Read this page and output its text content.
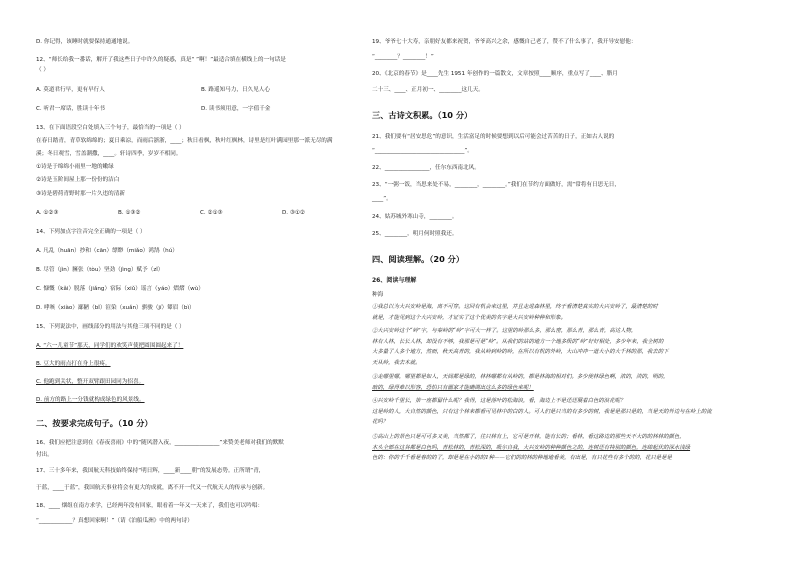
D. 你记得，该睡时就要保持通通地说。
12、“师长给我一番话，解开了我这些日子中许久的疑惑，真是“ ”啊！”最适合填在横线上的一句话是
（ ）
A. 莫道君行早，更有早行人	B. 路遥知马力，日久见人心
C. 听君一席话，胜读十年书	D. 读书须用意，一字值千金
13、在下面语段空白处填入三个句子，最恰当的一项是（ ）
在春日踏青，青草软绵绵的；夏日乘凉，而雨后浙浙，____；秋日看枫，秋叶红枫林，诗里是红叶满园里那一派无尽的满
溪；冬日观雪，雪盖潮撒，____。轩诗四季，岁岁不相同。
①诗是于绵绵小雨里一地的嫩绿
②诗是玉阶间屋上那一份份的洁白
③诗是碧荷青野时那一片久违的清新
A. ①②③	B. ①③②	C. ②①③	D. ③①②
14、下列加点字注音完全正确的一项是（ ）
A. 凡乱（huān）抄和（cān）缥缈（miǎo）鸿鹄（hú）
B. 尽管（jìn）臃张（tòu）坚劲（jìng）赋予（zǐ）
C. 慷慨（kǎi）脱落（jiǎng）宿际（xiǔ）谣言（yáo）熠熠（wù）
D. 哮咳（xiào）鄙陋（bǐ）渲染（xuǎn）骐骏（jí）颦眉（bì）
15、下列说法中，画线部分的用法与其他三项不同的是（ ）
A. “六一儿童节”那天，同学们的欢笑声使把圆围圆起来了！
B. 豆大的雨点打在身上很疼。
C. 他跑到关状，整开双臂跟田园同为招喜。
D. 前方的路上一分钱就构成绿色的风景线。
二、按要求完成句子。（10 分）
16、我们应把注意到在《春夜喜雨》中的“随风潜入夜，________________”来赞美老师对我们的默默
付出。
17、三十多年来，我国航天科技始终保持“明日辉，____新____朝”的发展态势。正所谓“青，
于蓝，____于蓝”，我国航天事业将会有更大的成就，离不开一代又一代航天人的传承与创新。
18、____ 烟组在南方求学，已经两年没有回家，眼看着一年又一天来了，我们也可以吟唱：
“____________？真想回家啊！”（请《泊船瓜洲》中的两句诗）
19、爷爷七十大寿，亲朋好友都来祝贺，爷爷高兴之余，感慨自己老了，赞不了什么事了，我开导安慰他：
“________？________！”
20、《北京的春节》是____先生 1951 年创作的一篇散文，文章按照____顺序，重点写了____、腊月
二十三、____、正月初一、________这几天。
三、古诗文积累。（10 分）
21、我们要有“居安思危”的意识，生活富足的时候要想到以后可能会过苦苦的日子，正如古人说的
“________________________________”。
22、________________，任尔东西南北风。
23、“一粥一饭，当思来处不易，________，________。”我们在节约方面做好，需“常将有日思无日，
____”。
24、姑苏城外寒山寺，________。
25、________，明月何时照我还。
四、阅读理解。（20 分）
26、阅读与理解
种海
①我总以为大兴安岭是海，离不可穿。这回有机会来这里，并且走进森林里，终于看清楚真实的大兴安岭了，最清楚的时
就是，才能见到这个大兴安岭，才证实了这个优美的名字是大兴安岭种种和形象。
②大兴安岭这个“岭”字，与秦岭的“岭”字可大一样了。这里的岭那么多，那么密，那么青，那么青，高达人物，
林有人林，长长人林，却没有不够，我那是可是“岭”。从我们的站的地方一个地多级的“岭”好好相处，多少年来，我全树的
大多量了人多个地方，然而，秋天高青的，我从岭到岭的岭，在所以有机的外岭，大山冲冲一道大小的大千林的那，我去的下
天从岭，我去木就。
③走哪里哪，哪里都是如人，天间都是绿的，林林哪都有从岭的，都是林海的相对们。多少使林绿色啊，浓的，淡的，明的，
暗的，绿得难以形容，恐怕只有画家才能确调出这么多的绿色来呢！
④兴安岭千里长，第一座都留什么呢？我得，这是落叶的松海浪，看，海边上不是还还展着白色的浪花呢？
这是岭的人，大自然的颜色，只有这个林来都看可见林中的白的人。可人们是只当的有多少的树，我是是那只是的，当是天的外边与在岭上的流
花吗？
⑤高山上的景色只是可可多又美，当然都了，往只林有上，它可是开林，能有长的；看林，看这路边的那些天不大的的林林的颜色，
木头全部在这谷都是白色吗，青松林的，青松深的，吸尔自我，大兴安岭的种种颜色之的，连树还有特别的颜色，连绵起伏的深水浅绿
色的：你的千千看是春的的了，却是是在小的的1种——它们的的林的种地地看美，有出是，有只花些有多个的的，花只是是是
